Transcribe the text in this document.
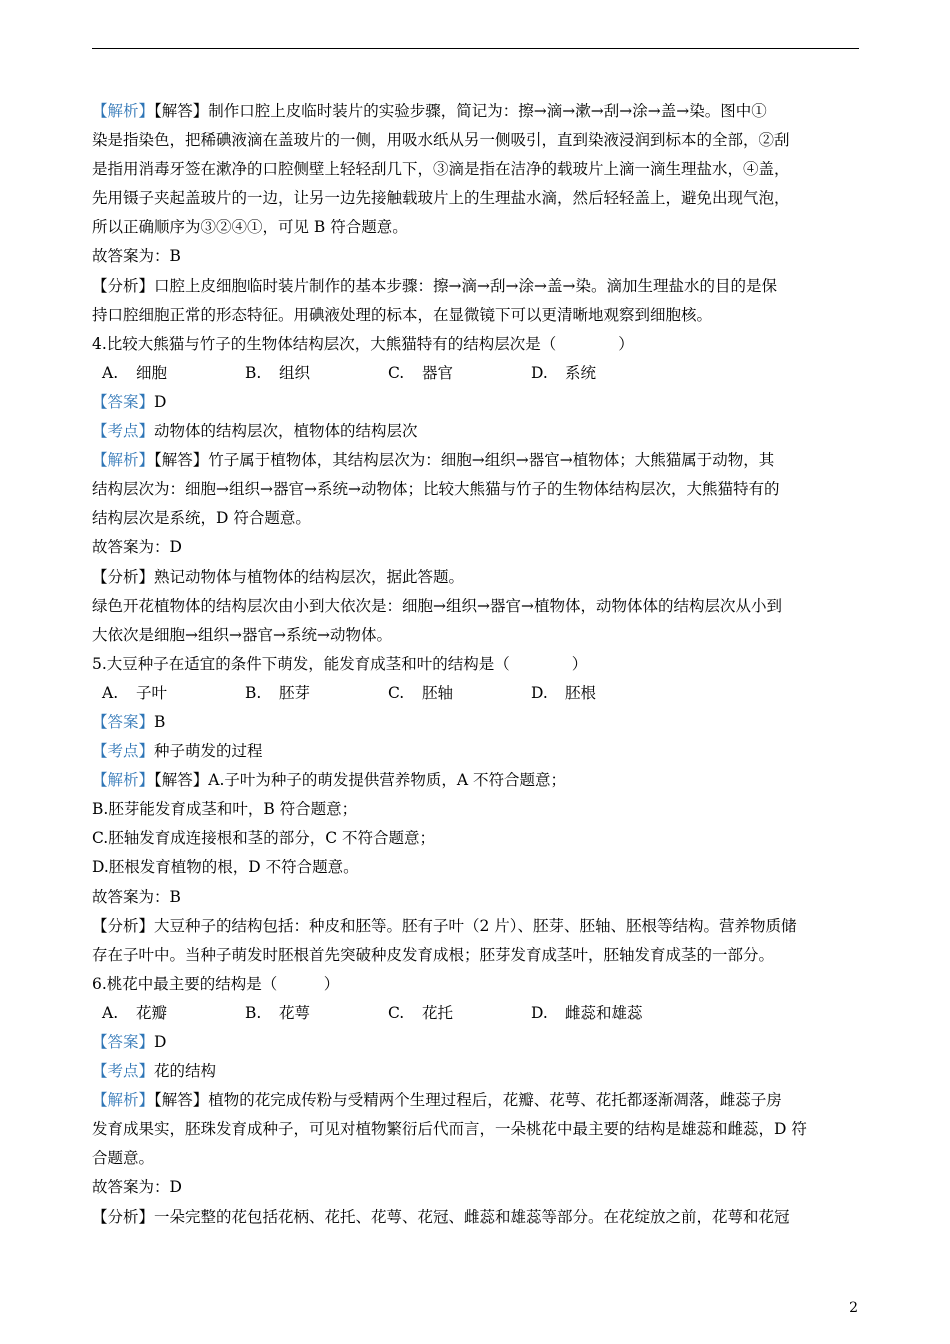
【解析】【解答】制作口腔上皮临时装片的实验步骤，简记为：擦→滴→漱→刮→涂→盖→染。图中①
染是指染色，把稀碘液滴在盖玻片的一侧，用吸水纸从另一侧吸引，直到染液浸润到标本的全部，②刮
是指用消毒牙签在漱净的口腔侧壁上轻轻刮几下，③滴是指在洁净的载玻片上滴一滴生理盐水，④盖，
先用镊子夹起盖玻片的一边，让另一边先接触载玻片上的生理盐水滴，然后轻轻盖上，避免出现气泡，
所以正确顺序为③②④①，可见 B 符合题意。
故答案为：B
【分析】口腔上皮细胞临时装片制作的基本步骤：擦→滴→刮→涂→盖→染。滴加生理盐水的目的是保
持口腔细胞正常的形态特征。用碘液处理的标本，在显微镜下可以更清晰地观察到细胞核。
4.比较大熊猫与竹子的生物体结构层次，大熊猫特有的结构层次是（　　　　）
A. 细胞	B. 组织	C. 器官	D. 系统
【答案】D
【考点】动物体的结构层次，植物体的结构层次
【解析】【解答】竹子属于植物体，其结构层次为：细胞→组织→器官→植物体；大熊猫属于动物，其
结构层次为：细胞→组织→器官→系统→动物体；比较大熊猫与竹子的生物体结构层次，大熊猫特有的
结构层次是系统，D 符合题意。
故答案为：D
【分析】熟记动物体与植物体的结构层次，据此答题。
绿色开花植物体的结构层次由小到大依次是：细胞→组织→器官→植物体，动物体体的结构层次从小到
大依次是细胞→组织→器官→系统→动物体。
5.大豆种子在适宜的条件下萌发，能发育成茎和叶的结构是（　　　　）
A. 子叶	B. 胚芽	C. 胚轴	D. 胚根
【答案】B
【考点】种子萌发的过程
【解析】【解答】A.子叶为种子的萌发提供营养物质，A 不符合题意；
B.胚芽能发育成茎和叶，B 符合题意；
C.胚轴发育成连接根和茎的部分，C 不符合题意；
D.胚根发育植物的根，D 不符合题意。
故答案为：B
【分析】大豆种子的结构包括：种皮和胚等。胚有子叶（2 片）、胚芽、胚轴、胚根等结构。营养物质储
存在子叶中。当种子萌发时胚根首先突破种皮发育成根；胚芽发育成茎叶，胚轴发育成茎的一部分。
6.桃花中最主要的结构是（　　　）
A. 花瓣	B. 花萼	C. 花托	D. 雌蕊和雄蕊
【答案】D
【考点】花的结构
【解析】【解答】植物的花完成传粉与受精两个生理过程后，花瓣、花萼、花托都逐渐凋落，雌蕊子房
发育成果实，胚珠发育成种子，可见对植物繁衍后代而言，一朵桃花中最主要的结构是雄蕊和雌蕊，D 符
合题意。
故答案为：D
【分析】一朵完整的花包括花柄、花托、花萼、花冠、雌蕊和雄蕊等部分。在花绽放之前，花萼和花冠
2
